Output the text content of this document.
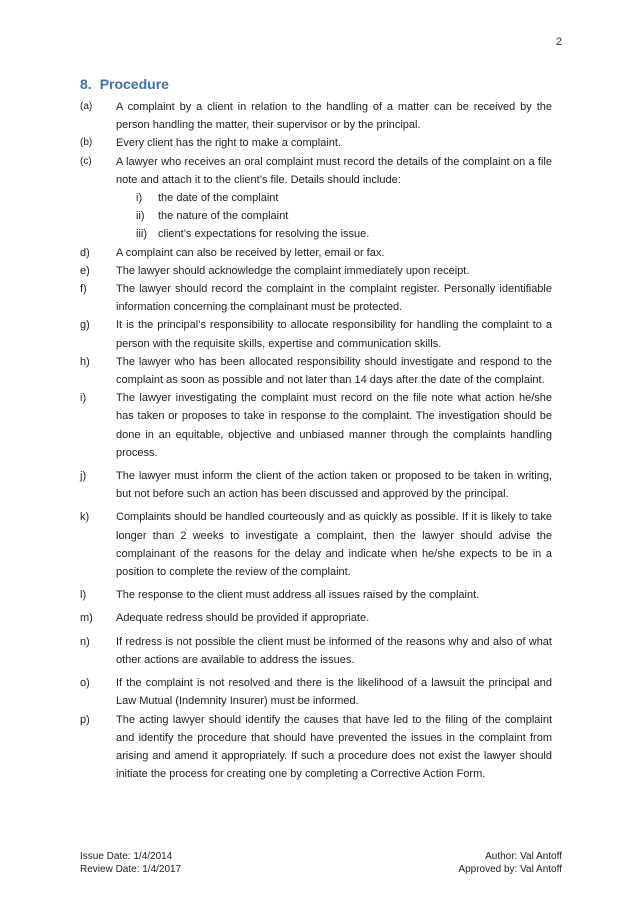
2
8. Procedure
(a)	A complaint by a client in relation to the handling of a matter can be received by the person handling the matter, their supervisor or by the principal.
(b)	Every client has the right to make a complaint.
(c)	A lawyer who receives an oral complaint must record the details of the complaint on a file note and attach it to the client’s file. Details should include:
i)	the date of the complaint
ii)	the nature of the complaint
iii)	client’s expectations for resolving the issue.
d)	A complaint can also be received by letter, email or fax.
e)	The lawyer should acknowledge the complaint immediately upon receipt.
f)	The lawyer should record the complaint in the complaint register. Personally identifiable information concerning the complainant must be protected.
g)	It is the principal’s responsibility to allocate responsibility for handling the complaint to a person with the requisite skills, expertise and communication skills.
h)	The lawyer who has been allocated responsibility should investigate and respond to the complaint as soon as possible and not later than 14 days after the date of the complaint.
i)	The lawyer investigating the complaint must record on the file note what action he/she has taken or proposes to take in response to the complaint. The investigation should be done in an equitable, objective and unbiased manner through the complaints handling process.
j)	The lawyer must inform the client of the action taken or proposed to be taken in writing, but not before such an action has been discussed and approved by the principal.
k)	Complaints should be handled courteously and as quickly as possible. If it is likely to take longer than 2 weeks to investigate a complaint, then the lawyer should advise the complainant of the reasons for the delay and indicate when he/she expects to be in a position to complete the review of the complaint.
l)	The response to the client must address all issues raised by the complaint.
m)	Adequate redress should be provided if appropriate.
n)	If redress is not possible the client must be informed of the reasons why and also of what other actions are available to address the issues.
o)	If the complaint is not resolved and there is the likelihood of a lawsuit the principal and Law Mutual (Indemnity Insurer) must be informed.
p)	The acting lawyer should identify the causes that have led to the filing of the complaint and identify the procedure that should have prevented the issues in the complaint from arising and amend it appropriately. If such a procedure does not exist the lawyer should initiate the process for creating one by completing a Corrective Action Form.
Issue Date: 1/4/2014	Author: Val Antoff
Review Date: 1/4/2017	Approved by: Val Antoff
